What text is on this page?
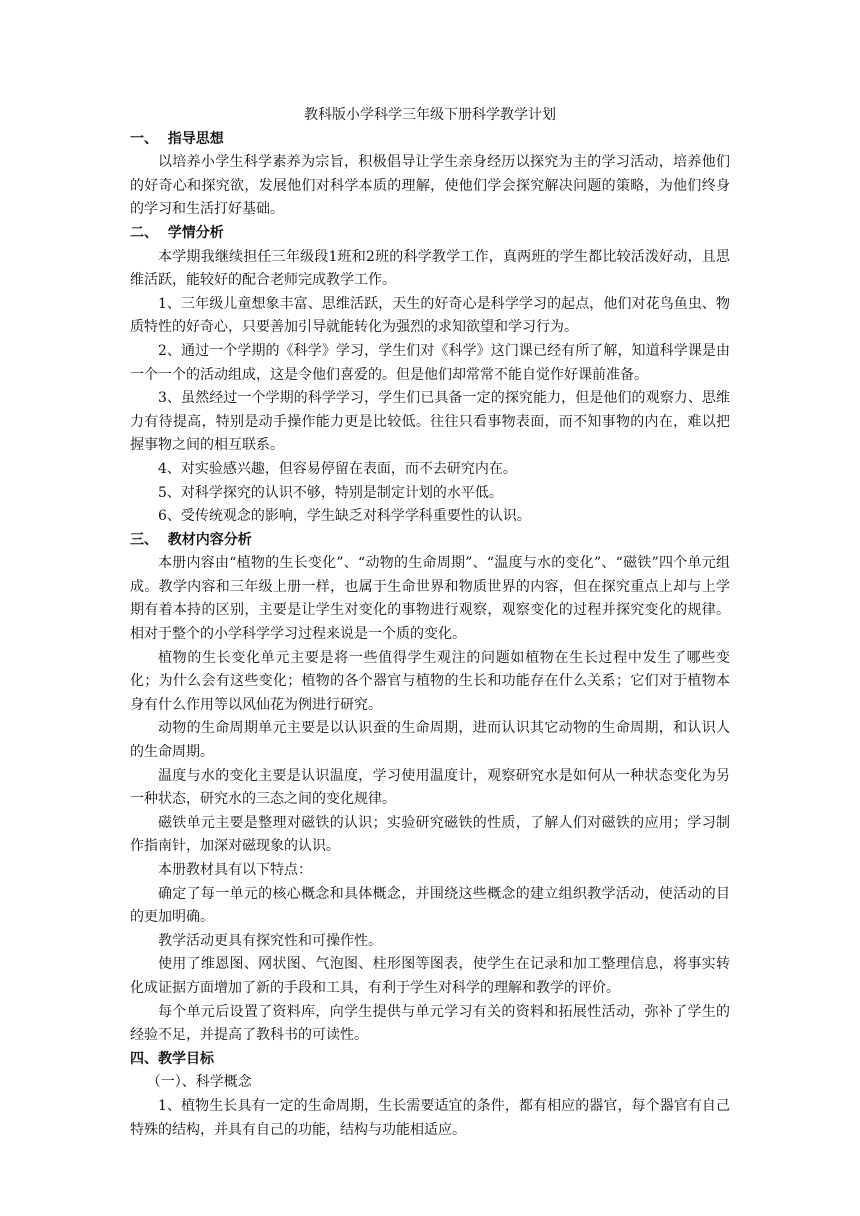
教科版小学科学三年级下册科学教学计划
一、  指导思想

以培养小学生科学素养为宗旨，积极倡导让学生亲身经历以探究为主的学习活动，培养他们的好奇心和探究欲，发展他们对科学本质的理解，使他们学会探究解决问题的策略，为他们终身的学习和生活打好基础。

二、  学情分析

本学期我继续担任三年级段1班和2班的科学教学工作，真两班的学生都比较活泼好动，且思维活跃，能较好的配合老师完成教学工作。

1、三年级儿童想象丰富、思维活跃，天生的好奇心是科学学习的起点，他们对花鸟鱼虫、物质特性的好奇心，只要善加引导就能转化为强烈的求知欲望和学习行为。

2、通过一个学期的《科学》学习，学生们对《科学》这门课已经有所了解，知道科学课是由一个一个的活动组成，这是令他们喜爱的。但是他们却常常不能自觉作好课前准备。

3、虽然经过一个学期的科学学习，学生们已具备一定的探究能力，但是他们的观察力、思维力有待提高，特别是动手操作能力更是比较低。往往只看事物表面，而不知事物的内在，难以把握事物之间的相互联系。

4、对实验感兴趣，但容易停留在表面，而不去研究内在。

5、对科学探究的认识不够，特别是制定计划的水平低。

6、受传统观念的影响，学生缺乏对科学学科重要性的认识。

三、  教材内容分析

本册内容由“植物的生长变化”、“动物的生命周期”、“温度与水的变化”、“磁铁”四个单元组成。教学内容和三年级上册一样，也属于生命世界和物质世界的内容，但在探究重点上却与上学期有着本持的区别，主要是让学生对变化的事物进行观察，观察变化的过程并探究变化的规律。相对于整个的小学科学学习过程来说是一个质的变化。

植物的生长变化单元主要是将一些值得学生观注的问题如植物在生长过程中发生了哪些变化；为什么会有这些变化；植物的各个器官与植物的生长和功能存在什么关系；它们对于植物本身有什么作用等以风仙花为例进行研究。

动物的生命周期单元主要是以认识蚕的生命周期，进而认识其它动物的生命周期，和认识人的生命周期。

温度与水的变化主要是认识温度，学习使用温度计，观察研究水是如何从一种状态变化为另一种状态，研究水的三态之间的变化规律。

磁铁单元主要是整理对磁铁的认识；实验研究磁铁的性质，了解人们对磁铁的应用；学习制作指南针，加深对磁现象的认识。

本册教材具有以下特点：

确定了每一单元的核心概念和具体概念，并围绕这些概念的建立组织教学活动，使活动的目的更加明确。

教学活动更具有探究性和可操作性。

使用了维恩图、网状图、气泡图、柱形图等图表，使学生在记录和加工整理信息，将事实转化成证据方面增加了新的手段和工具，有利于学生对科学的理解和教学的评价。

每个单元后设置了资料库，向学生提供与单元学习有关的资料和拓展性活动，弥补了学生的经验不足，并提高了教科书的可读性。

四、教学目标
（一）、科学概念

1、植物生长具有一定的生命周期，生长需要适宜的条件，都有相应的器官，每个器官有自己特殊的结构，并具有自己的功能，结构与功能相适应。
